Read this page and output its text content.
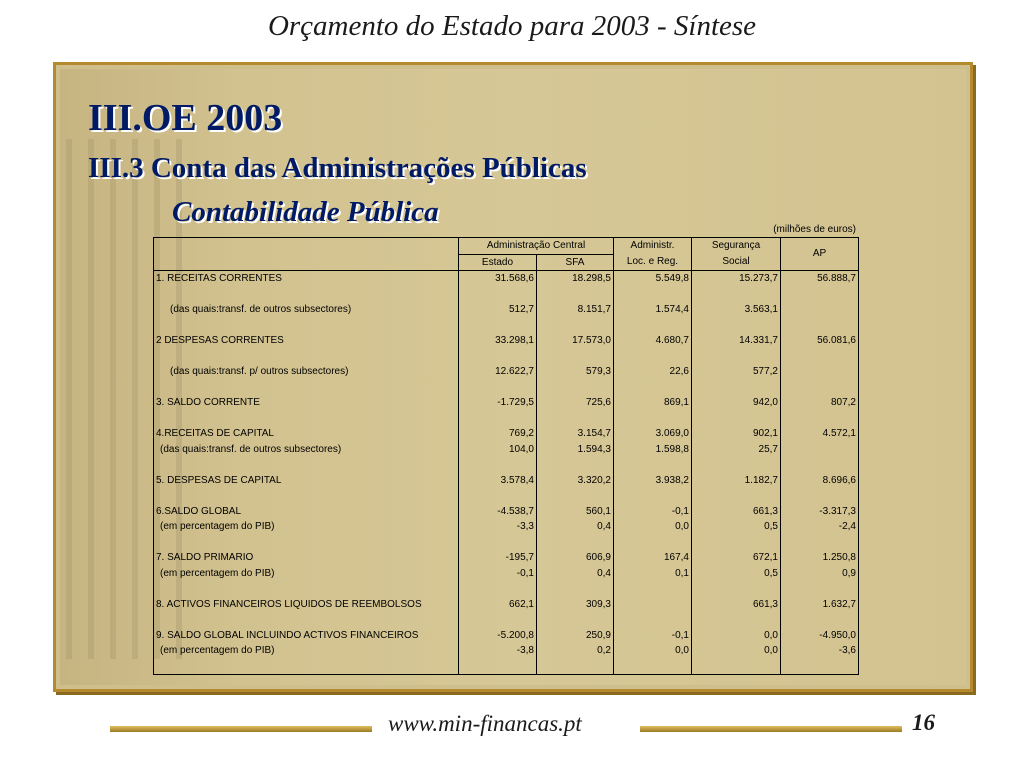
Orçamento do Estado para 2003 - Síntese
III.OE 2003
III.3 Conta das Administrações Públicas
Contabilidade Pública
(milhões de euros)
	Administração Central		Administr.	Segurança	AP
	Estado	SFA	Loc. e Reg.	Social	
1. RECEITAS CORRENTES	31.568,6	18.298,5	5.549,8	15.273,7	56.888,7

(das quais:transf. de outros subsectores)	512,7	8.151,7	1.574,4	3.563,1	

2 DESPESAS CORRENTES	33.298,1	17.573,0	4.680,7	14.331,7	56.081,6

(das quais:transf. p/ outros subsectores)	12.622,7	579,3	22,6	577,2	

3. SALDO CORRENTE	-1.729,5	725,6	869,1	942,0	807,2

4.RECEITAS DE CAPITAL	769,2	3.154,7	3.069,0	902,1	4.572,1
(das quais:transf. de outros subsectores)	104,0	1.594,3	1.598,8	25,7	

5. DESPESAS DE CAPITAL	3.578,4	3.320,2	3.938,2	1.182,7	8.696,6

6.SALDO GLOBAL	-4.538,7	560,1	-0,1	661,3	-3.317,3
(em percentagem do PIB)	-3,3	0,4	0,0	0,5	-2,4

7. SALDO PRIMARIO	-195,7	606,9	167,4	672,1	1.250,8
(em percentagem do PIB)	-0,1	0,4	0,1	0,5	0,9

8. ACTIVOS FINANCEIROS LIQUIDOS DE REEMBOLSOS	662,1	309,3		661,3	1.632,7

9. SALDO GLOBAL INCLUINDO ACTIVOS FINANCEIROS	-5.200,8	250,9	-0,1	0,0	-4.950,0
(em percentagem do PIB)	-3,8	0,2	0,0	0,0	-3,6

www.min-financas.pt	16
